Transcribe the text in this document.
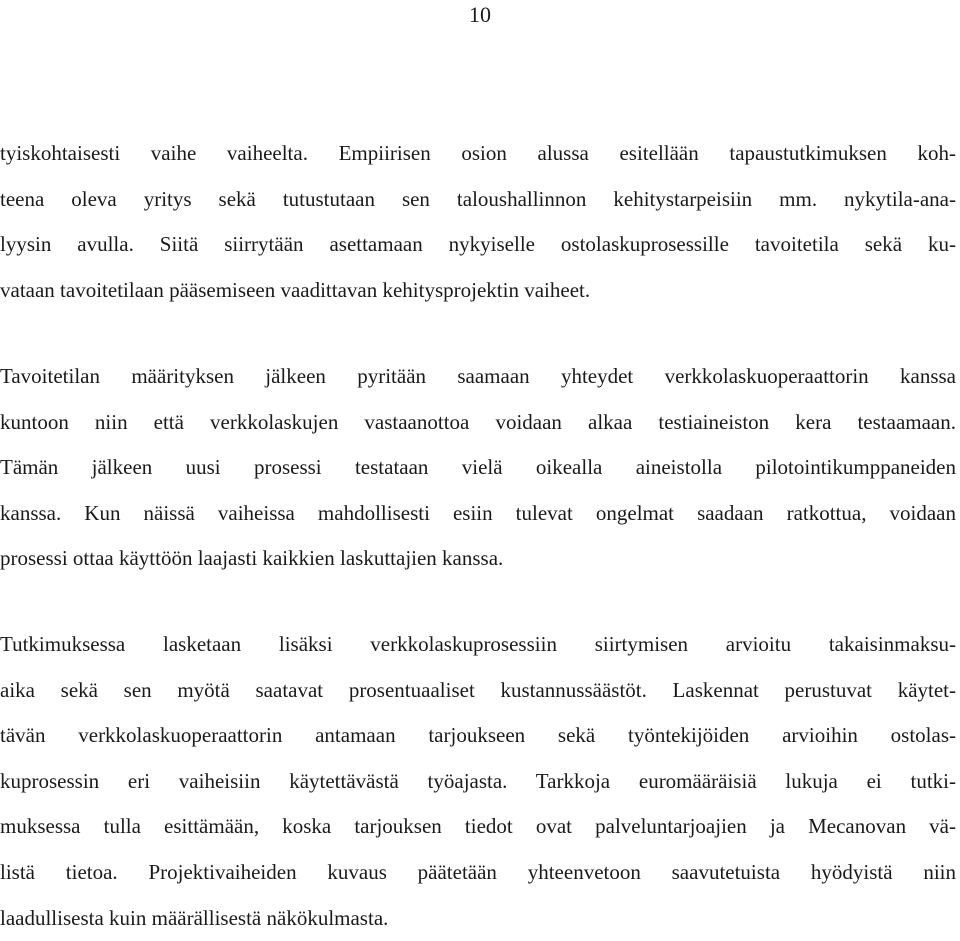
10
tyiskohtaisesti vaihe vaiheelta. Empiirisen osion alussa esitellään tapaustutkimuksen koh-
teena oleva yritys sekä tutustutaan sen taloushallinnon kehitystarpeisiin mm. nykytila-ana-
lyysin avulla. Siitä siirrytään asettamaan nykyiselle ostolaskuprosessille tavoitetila sekä ku-
vataan tavoitetilaan pääsemiseen vaadittavan kehitysprojektin vaiheet.
Tavoitetilan määrityksen jälkeen pyritään saamaan yhteydet verkkolaskuoperaattorin kanssa
kuntoon niin että verkkolaskujen vastaanottoa voidaan alkaa testiaineiston kera testaamaan.
Tämän jälkeen uusi prosessi testataan vielä oikealla aineistolla pilotointikumppaneiden
kanssa. Kun näissä vaiheissa mahdollisesti esiin tulevat ongelmat saadaan ratkottua, voidaan
prosessi ottaa käyttöön laajasti kaikkien laskuttajien kanssa.
Tutkimuksessa lasketaan lisäksi verkkolaskuprosessiin siirtymisen arvioitu takaisinmaksu-
aika sekä sen myötä saatavat prosentuaaliset kustannussäästöt. Laskennat perustuvat käytet-
tävän verkkolaskuoperaattorin antamaan tarjoukseen sekä työntekijöiden arvioihin ostolas-
kuprosessin eri vaiheisiin käytettävästä työajasta. Tarkkoja euromääräisiä lukuja ei tutki-
muksessa tulla esittämään, koska tarjouksen tiedot ovat palveluntarjoajien ja Mecanovan vä-
listä tietoa. Projektivaiheiden kuvaus päätetään yhteenvetoon saavutetuista hyödyistä niin
laadullisesta kuin määrällisestä näkökulmasta.
